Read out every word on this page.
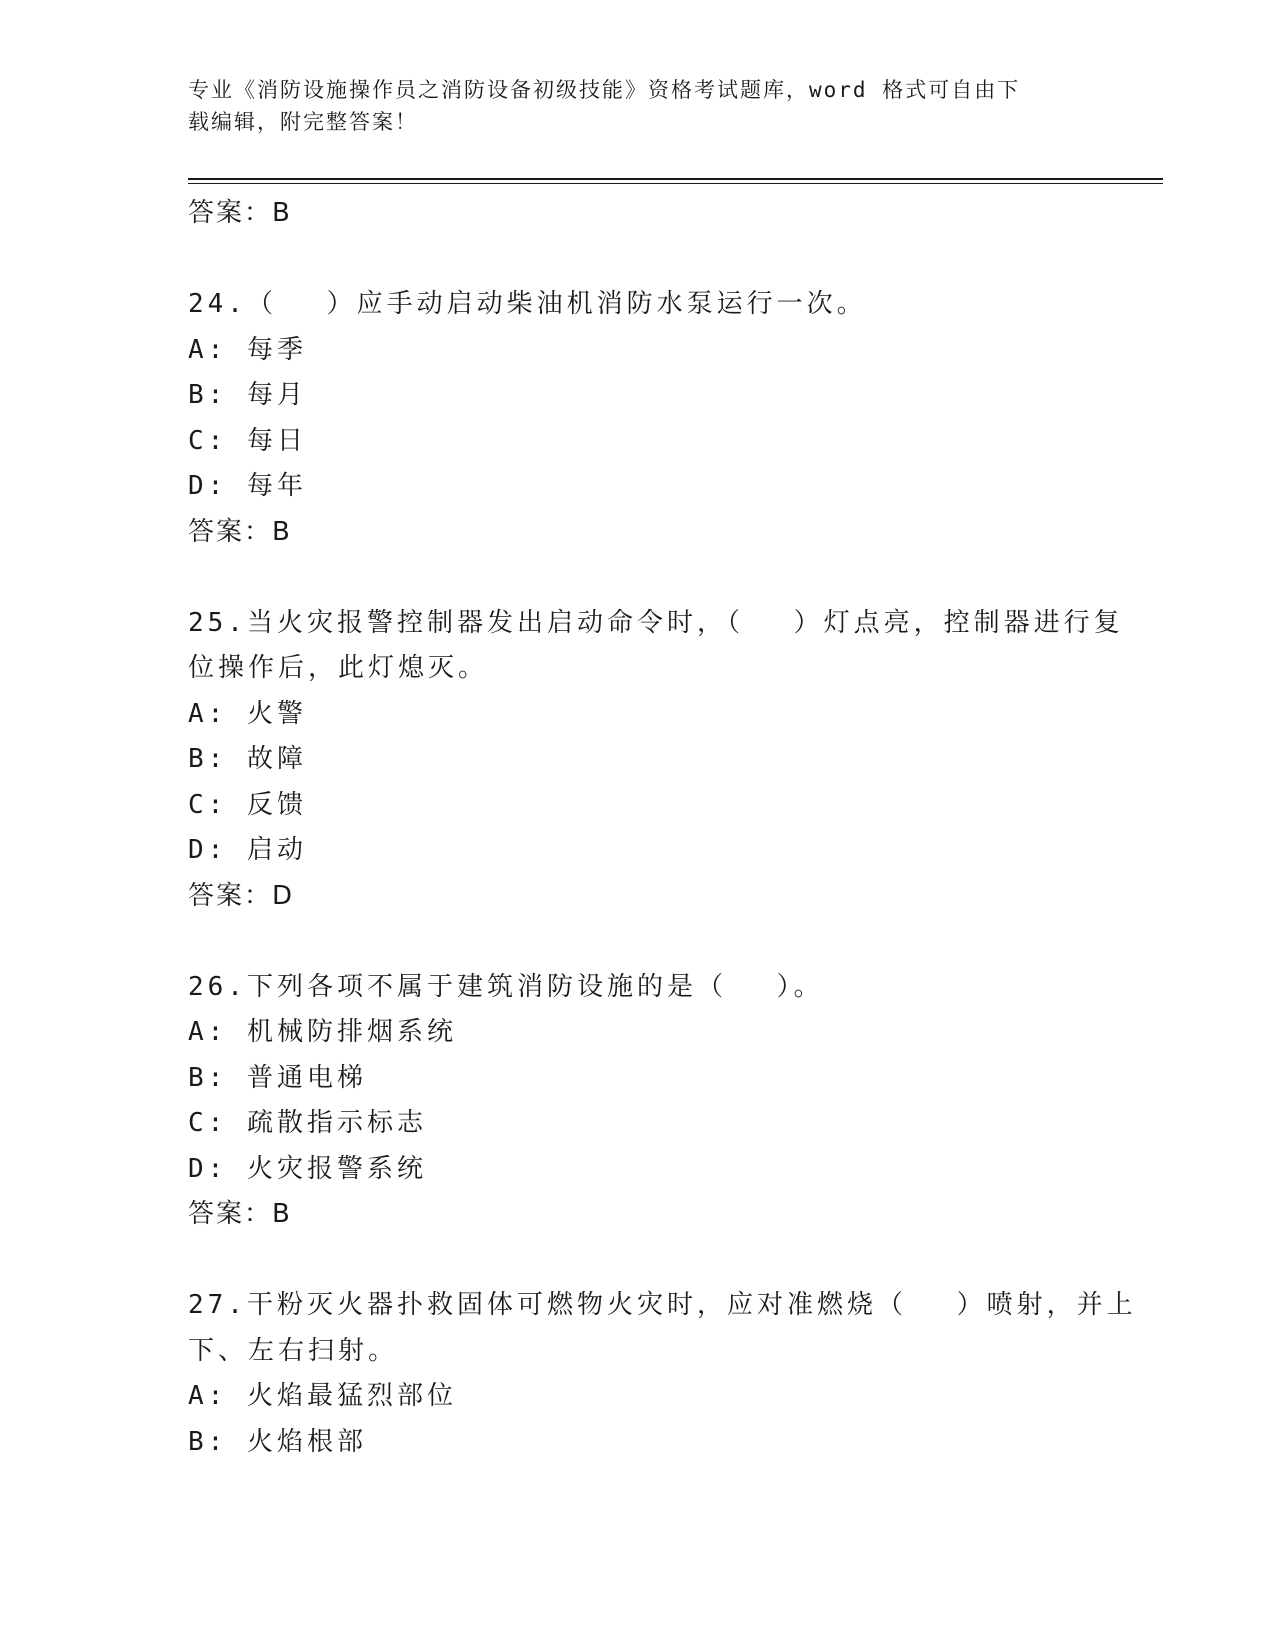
专业《消防设施操作员之消防设备初级技能》资格考试题库，word 格式可自由下
载编辑，附完整答案！
答案：B
24.（　 ）应手动启动柴油机消防水泵运行一次。
A: 每季
B: 每月
C: 每日
D: 每年
答案：B
25.当火灾报警控制器发出启动命令时，（　 ）灯点亮，控制器进行复
位操作后，此灯熄灭。
A: 火警
B: 故障
C: 反馈
D: 启动
答案：D
26.下列各项不属于建筑消防设施的是（　 ）。
A: 机械防排烟系统
B: 普通电梯
C: 疏散指示标志
D: 火灾报警系统
答案：B
27.干粉灭火器扑救固体可燃物火灾时，应对准燃烧（　 ）喷射，并上
下、左右扫射。
A: 火焰最猛烈部位
B: 火焰根部
